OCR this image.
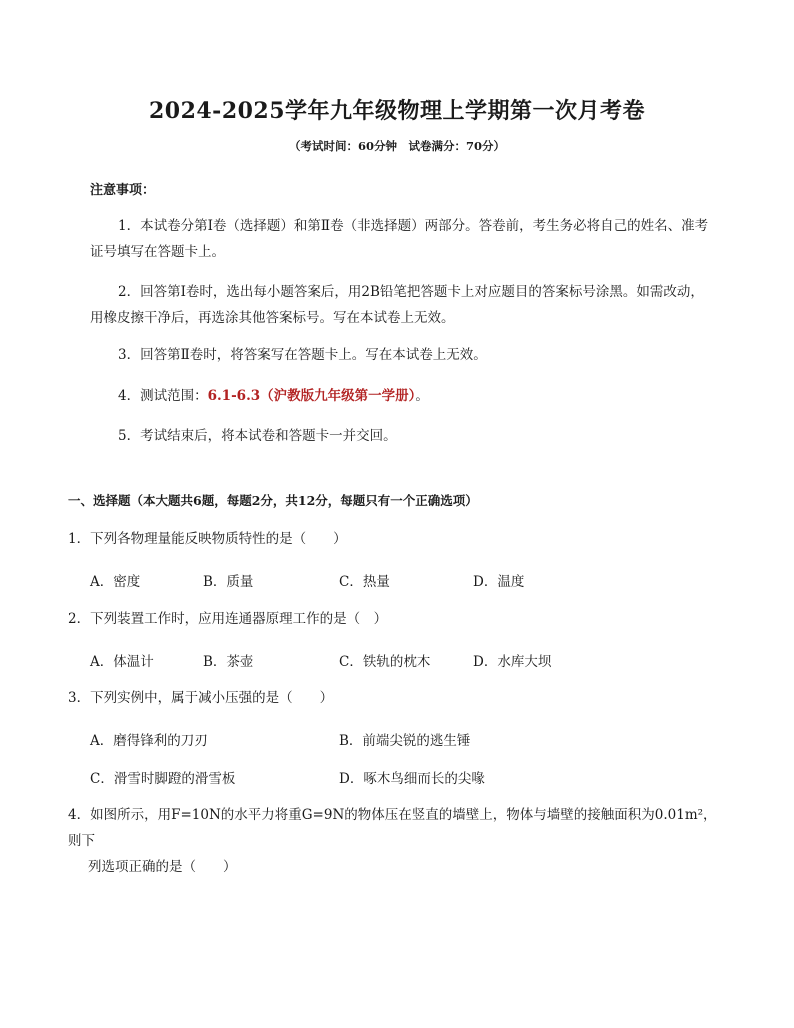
2024-2025学年九年级物理上学期第一次月考卷
（考试时间：60分钟　试卷满分：70分）
注意事项：
1．本试卷分第Ⅰ卷（选择题）和第Ⅱ卷（非选择题）两部分。答卷前，考生务必将自己的姓名、准考
证号填写在答题卡上。
2．回答第Ⅰ卷时，选出每小题答案后，用2B铅笔把答题卡上对应题目的答案标号涂黑。如需改动，
用橡皮擦干净后，再选涂其他答案标号。写在本试卷上无效。
3．回答第Ⅱ卷时，将答案写在答题卡上。写在本试卷上无效。
4．测试范围：6.1-6.3（沪教版九年级第一学册）。
5．考试结束后，将本试卷和答题卡一并交回。
一、选择题（本大题共6题，每题2分，共12分，每题只有一个正确选项）
1．下列各物理量能反映物质特性的是（　　）
A．密度	B．质量	C．热量	D．温度
2．下列装置工作时，应用连通器原理工作的是（　）
A．体温计	B．茶壶	C．铁轨的枕木	D．水库大坝
3．下列实例中，属于减小压强的是（　　）
A．磨得锋利的刀刃	B．前端尖锐的逃生锤
C．滑雪时脚蹬的滑雪板	D．啄木鸟细而长的尖喙
4．如图所示，用F=10N的水平力将重G=9N的物体压在竖直的墙壁上，物体与墙壁的接触面积为0.01m²，则下
列选项正确的是（　　）
